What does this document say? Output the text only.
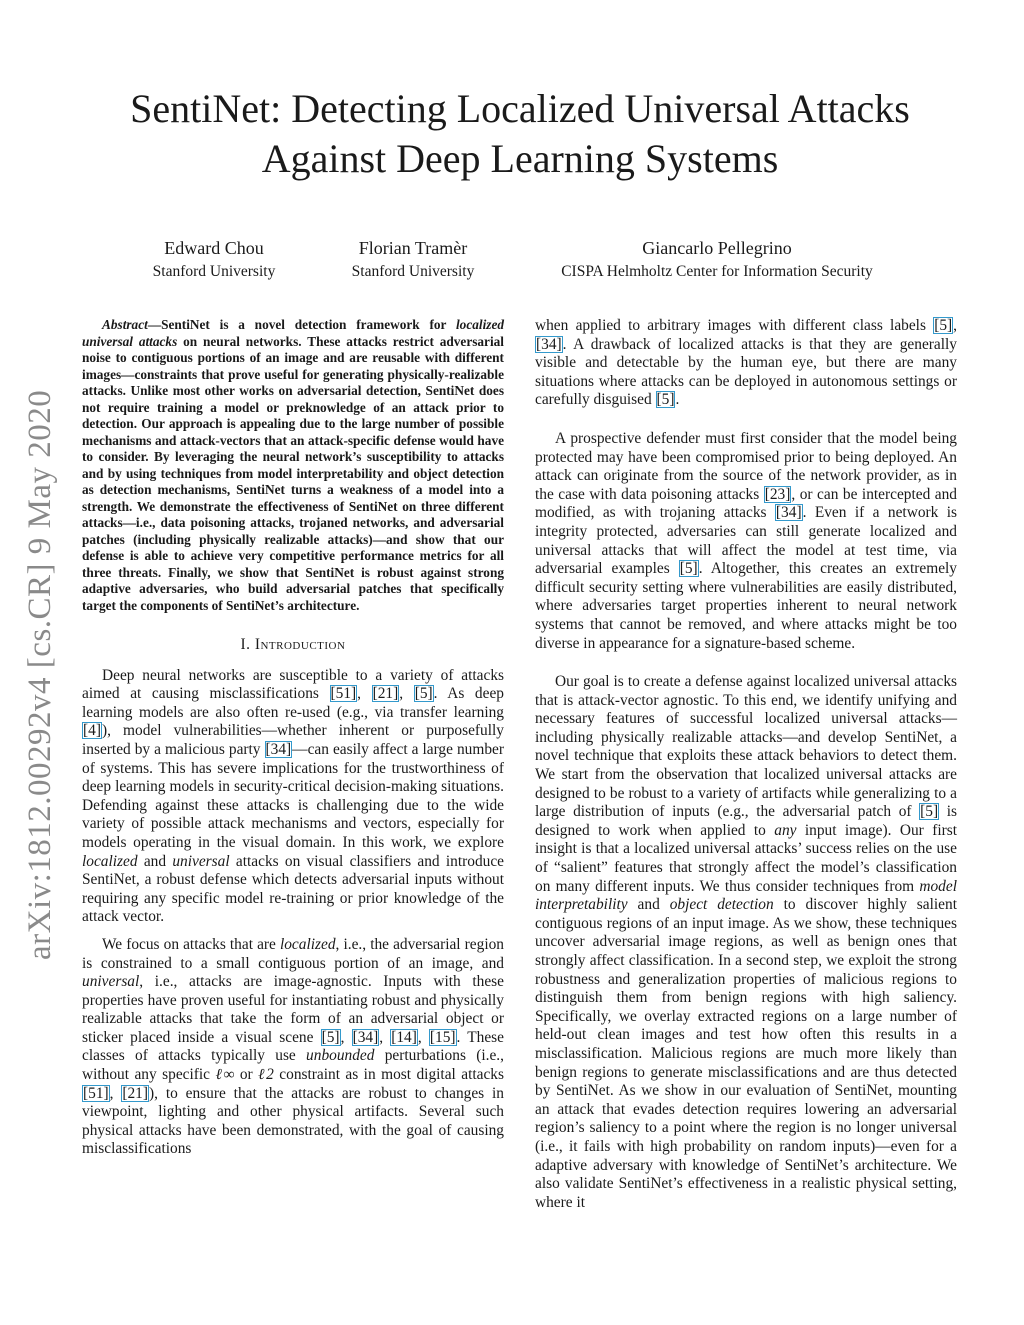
arXiv:1812.00292v4 [cs.CR] 9 May 2020
SentiNet: Detecting Localized Universal Attacks
Against Deep Learning Systems
Edward Chou
Stanford University
Florian Tramèr
Stanford University
Giancarlo Pellegrino
CISPA Helmholtz Center for Information Security

Abstract—SentiNet is a novel detection framework for localized universal attacks on neural networks. These attacks restrict adversarial noise to contiguous portions of an image and are reusable with different images—constraints that prove useful for generating physically-realizable attacks. Unlike most other works on adversarial detection, SentiNet does not require training a model or preknowledge of an attack prior to detection. Our approach is appealing due to the large number of possible mechanisms and attack-vectors that an attack-specific defense would have to consider. By leveraging the neural network’s susceptibility to attacks and by using techniques from model interpretability and object detection as detection mechanisms, SentiNet turns a weakness of a model into a strength. We demonstrate the effectiveness of SentiNet on three different attacks—i.e., data poisoning attacks, trojaned networks, and adversarial patches (including physically realizable attacks)—and show that our defense is able to achieve very competitive performance metrics for all three threats. Finally, we show that SentiNet is robust against strong adaptive adversaries, who build adversarial patches that specifically target the components of SentiNet’s architecture.

I. Introduction

Deep neural networks are susceptible to a variety of attacks aimed at causing misclassifications [51], [21], [5]. As deep learning models are also often re-used (e.g., via transfer learning [4]), model vulnerabilities—whether inherent or purposefully inserted by a malicious party [34]—can easily affect a large number of systems. This has severe implications for the trustworthiness of deep learning models in security-critical decision-making situations. Defending against these attacks is challenging due to the wide variety of possible attack mechanisms and vectors, especially for models operating in the visual domain. In this work, we explore localized and universal attacks on visual classifiers and introduce SentiNet, a robust defense which detects adversarial inputs without requiring any specific model re-training or prior knowledge of the attack vector.

We focus on attacks that are localized, i.e., the adversarial region is constrained to a small contiguous portion of an image, and universal, i.e., attacks are image-agnostic. Inputs with these properties have proven useful for instantiating robust and physically realizable attacks that take the form of an adversarial object or sticker placed inside a visual scene [5], [34], [14], [15]. These classes of attacks typically use unbounded perturbations (i.e., without any specific ℓ∞ or ℓ2 constraint as in most digital attacks [51], [21]), to ensure that the attacks are robust to changes in viewpoint, lighting and other physical artifacts. Several such physical attacks have been demonstrated, with the goal of causing misclassifications

when applied to arbitrary images with different class labels [5], [34]. A drawback of localized attacks is that they are generally visible and detectable by the human eye, but there are many situations where attacks can be deployed in autonomous settings or carefully disguised [5].

A prospective defender must first consider that the model being protected may have been compromised prior to being deployed. An attack can originate from the source of the network provider, as in the case with data poisoning attacks [23], or can be intercepted and modified, as with trojaning attacks [34]. Even if a network is integrity protected, adversaries can still generate localized and universal attacks that will affect the model at test time, via adversarial examples [5]. Altogether, this creates an extremely difficult security setting where vulnerabilities are easily distributed, where adversaries target properties inherent to neural network systems that cannot be removed, and where attacks might be too diverse in appearance for a signature-based scheme.

Our goal is to create a defense against localized universal attacks that is attack-vector agnostic. To this end, we identify unifying and necessary features of successful localized universal attacks—including physically realizable attacks—and develop SentiNet, a novel technique that exploits these attack behaviors to detect them. We start from the observation that localized universal attacks are designed to be robust to a variety of artifacts while generalizing to a large distribution of inputs (e.g., the adversarial patch of [5] is designed to work when applied to any input image). Our first insight is that a localized universal attacks’ success relies on the use of “salient” features that strongly affect the model’s classification on many different inputs. We thus consider techniques from model interpretability and object detection to discover highly salient contiguous regions of an input image. As we show, these techniques uncover adversarial image regions, as well as benign ones that strongly affect classification. In a second step, we exploit the strong robustness and generalization properties of malicious regions to distinguish them from benign regions with high saliency. Specifically, we overlay extracted regions on a large number of held-out clean images and test how often this results in a misclassification. Malicious regions are much more likely than benign regions to generate misclassifications and are thus detected by SentiNet. As we show in our evaluation of SentiNet, mounting an attack that evades detection requires lowering an adversarial region’s saliency to a point where the region is no longer universal (i.e., it fails with high probability on random inputs)—even for a adaptive adversary with knowledge of SentiNet’s architecture. We also validate SentiNet’s effectiveness in a realistic physical setting, where it
